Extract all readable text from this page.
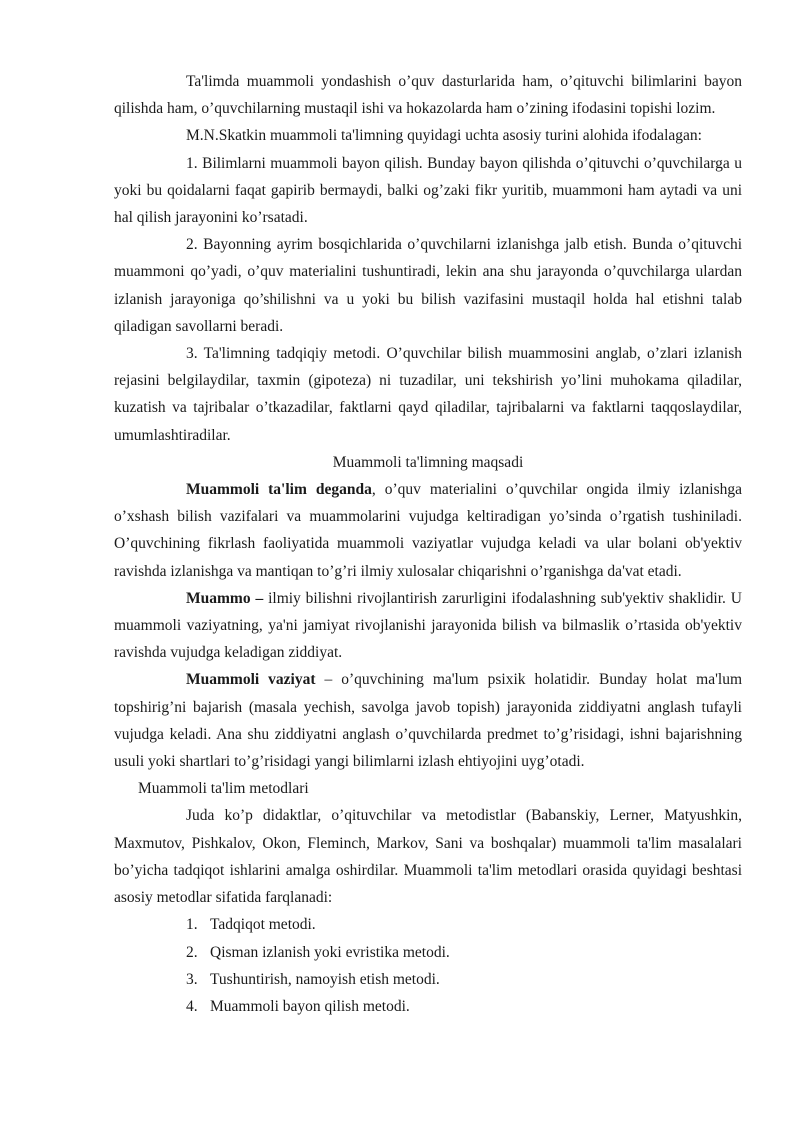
Ta'limda muammoli yondashish o’quv dasturlarida ham, o’qituvchi bilimlarini bayon qilishda ham, o’quvchilarning mustaqil ishi va hokazolarda ham o’zining ifodasini topishi lozim.

M.N.Skatkin muammoli ta'limning quyidagi uchta asosiy turini alohida ifodalagan:

1. Bilimlarni muammoli bayon qilish. Bunday bayon qilishda o’qituvchi o’quvchilarga u yoki bu qoidalarni faqat gapirib bermaydi, balki og’zaki fikr yuritib, muammoni ham aytadi va uni hal qilish jarayonini ko’rsatadi.

2. Bayonning ayrim bosqichlarida o’quvchilarni izlanishga jalb etish. Bunda o’qituvchi muammoni qo’yadi, o’quv materialini tushuntiradi, lekin ana shu jarayonda o’quvchilarga ulardan izlanish jarayoniga qo’shilishni va u yoki bu bilish vazifasini mustaqil holda hal etishni talab qiladigan savollarni beradi.

3. Ta'limning tadqiqiy metodi. O’quvchilar bilish muammosini anglab, o’zlari izlanish rejasini belgilaydilar, taxmin (gipoteza) ni tuzadilar, uni tekshirish yo’lini muhokama qiladilar, kuzatish va tajribalar o’tkazadilar, faktlarni qayd qiladilar, tajribalarni va faktlarni taqqoslaydilar, umumlashtiradilar.

Muammoli ta'limning maqsadi

Muammoli ta'lim deganda, o’quv materialini o’quvchilar ongida ilmiy izlanishga o’xshash bilish vazifalari va muammolarini vujudga keltiradigan yo’sinda o’rgatish tushiniladi. O’quvchining fikrlash faoliyatida muammoli vaziyatlar vujudga keladi va ular bolani ob'yektiv ravishda izlanishga va mantiqan to’g’ri ilmiy xulosalar chiqarishni o’rganishga da'vat etadi.

Muammo – ilmiy bilishni rivojlantirish zarurligini ifodalashning sub'yektiv shaklidir. U muammoli vaziyatning, ya'ni jamiyat rivojlanishi jarayonida bilish va bilmaslik o’rtasida ob'yektiv ravishda vujudga keladigan ziddiyat.

Muammoli vaziyat – o’quvchining ma'lum psixik holatidir. Bunday holat ma'lum topshirig’ni bajarish (masala yechish, savolga javob topish) jarayonida ziddiyatni anglash tufayli vujudga keladi. Ana shu ziddiyatni anglash o’quvchilarda predmet to’g’risidagi, ishni bajarishning usuli yoki shartlari to’g’risidagi yangi bilimlarni izlash ehtiyojini uyg’otadi.

Muammoli ta'lim metodlari

Juda ko’p didaktlar, o’qituvchilar va metodistlar (Babanskiy, Lerner, Matyushkin, Maxmutov, Pishkalov, Okon, Fleminch, Markov, Sani va boshqalar) muammoli ta'lim masalalari bo’yicha tadqiqot ishlarini amalga oshirdilar. Muammoli ta'lim metodlari orasida quyidagi beshtasi asosiy metodlar sifatida farqlanadi:

1. Tadqiqot metodi.
2. Qisman izlanish yoki evristika metodi.
3. Tushuntirish, namoyish etish metodi.
4. Muammoli bayon qilish metodi.
